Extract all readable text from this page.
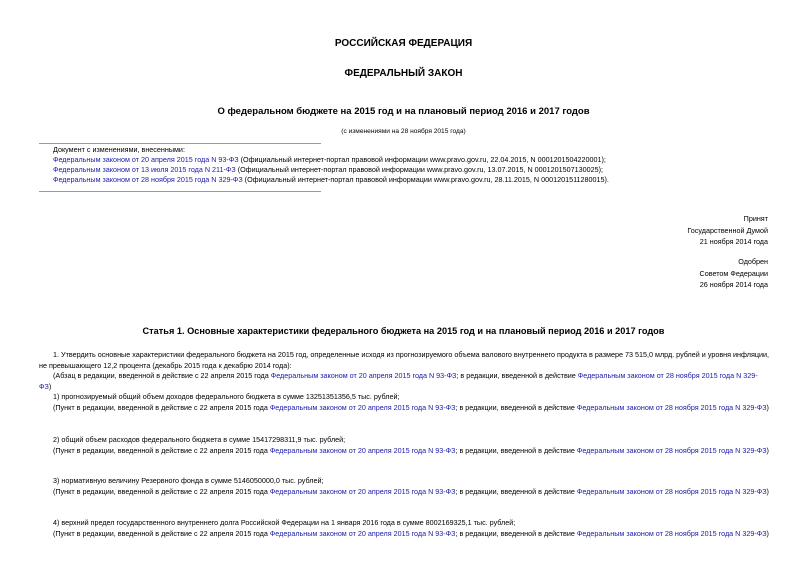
РОССИЙСКАЯ ФЕДЕРАЦИЯ
ФЕДЕРАЛЬНЫЙ ЗАКОН
О федеральном бюджете на 2015 год и на плановый период 2016 и 2017 годов
(с изменениями на 28 ноября 2015 года)
Документ с изменениями, внесенными:
Федеральным законом от 20 апреля 2015 года N 93-ФЗ (Официальный интернет-портал правовой информации www.pravo.gov.ru, 22.04.2015, N 0001201504220001);
Федеральным законом от 13 июля 2015 года N 211-ФЗ (Официальный интернет-портал правовой информации www.pravo.gov.ru, 13.07.2015, N 0001201507130025);
Федеральным законом от 28 ноября 2015 года N 329-ФЗ (Официальный интернет-портал правовой информации www.pravo.gov.ru, 28.11.2015, N 0001201511280015).
Принят
Государственной Думой
21 ноября 2014 года
Одобрен
Советом Федерации
26 ноября 2014 года
Статья 1. Основные характеристики федерального бюджета на 2015 год и на плановый период 2016 и 2017 годов
1. Утвердить основные характеристики федерального бюджета на 2015 год, определенные исходя из прогнозируемого объема валового внутреннего продукта в размере 73 515,0 млрд. рублей и уровня инфляции, не превышающего 12,2 процента (декабрь 2015 года к декабрю 2014 года):
(Абзац в редакции, введенной в действие с 22 апреля 2015 года Федеральным законом от 20 апреля 2015 года N 93-ФЗ; в редакции, введенной в действие Федеральным законом от 28 ноября 2015 года N 329-ФЗ)
1) прогнозируемый общий объем доходов федерального бюджета в сумме 13251351356,5 тыс. рублей;
(Пункт в редакции, введенной в действие с 22 апреля 2015 года Федеральным законом от 20 апреля 2015 года N 93-ФЗ; в редакции, введенной в действие Федеральным законом от 28 ноября 2015 года N 329-ФЗ)
2) общий объем расходов федерального бюджета в сумме 15417298311,9 тыс. рублей;
(Пункт в редакции, введенной в действие с 22 апреля 2015 года Федеральным законом от 20 апреля 2015 года N 93-ФЗ; в редакции, введенной в действие Федеральным законом от 28 ноября 2015 года N 329-ФЗ)
3) нормативную величину Резервного фонда в сумме 5146050000,0 тыс. рублей;
(Пункт в редакции, введенной в действие с 22 апреля 2015 года Федеральным законом от 20 апреля 2015 года N 93-ФЗ; в редакции, введенной в действие Федеральным законом от 28 ноября 2015 года N 329-ФЗ)
4) верхний предел государственного внутреннего долга Российской Федерации на 1 января 2016 года в сумме 8002169325,1 тыс. рублей;
(Пункт в редакции, введенной в действие с 22 апреля 2015 года Федеральным законом от 20 апреля 2015 года N 93-ФЗ; в редакции, введенной в действие Федеральным законом от 28 ноября 2015 года N 329-ФЗ)
